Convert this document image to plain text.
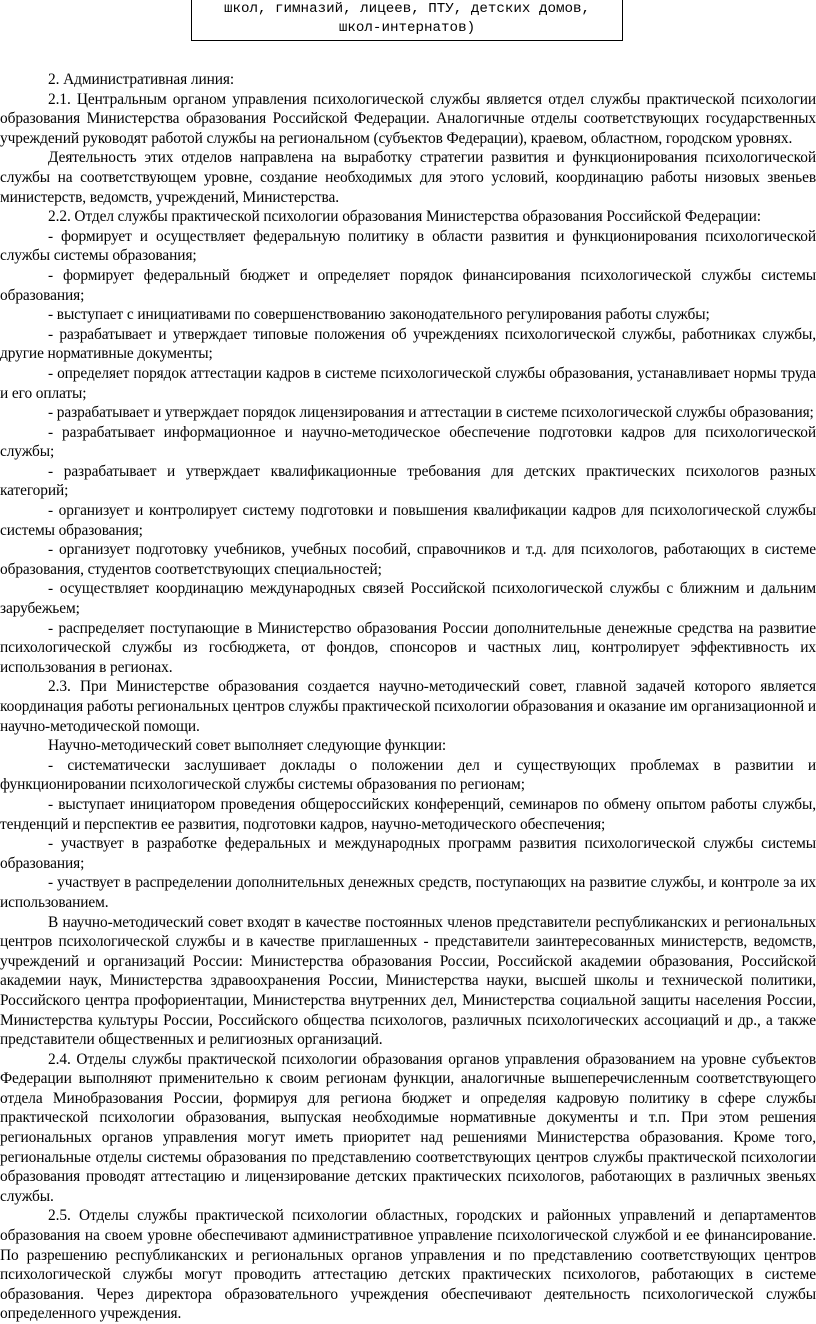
школ, гимназий, лицеев, ПТУ, детских домов,
школ-интернатов)

2. Административная линия:

2.1. Центральным органом управления психологической службы является отдел службы практической психологии образования Министерства образования Российской Федерации. Аналогичные отделы соответствующих государственных учреждений руководят работой службы на региональном (субъектов Федерации), краевом, областном, городском уровнях.

Деятельность этих отделов направлена на выработку стратегии развития и функционирования психологической службы на соответствующем уровне, создание необходимых для этого условий, координацию работы низовых звеньев министерств, ведомств, учреждений, Министерства.

2.2. Отдел службы практической психологии образования Министерства образования Российской Федерации:

- формирует и осуществляет федеральную политику в области развития и функционирования психологической службы системы образования;

- формирует федеральный бюджет и определяет порядок финансирования психологической службы системы образования;

- выступает с инициативами по совершенствованию законодательного регулирования работы службы;

- разрабатывает и утверждает типовые положения об учреждениях психологической службы, работниках службы, другие нормативные документы;

- определяет порядок аттестации кадров в системе психологической службы образования, устанавливает нормы труда и его оплаты;

- разрабатывает и утверждает порядок лицензирования и аттестации в системе психологической службы образования;

- разрабатывает информационное и научно-методическое обеспечение подготовки кадров для психологической службы;

- разрабатывает и утверждает квалификационные требования для детских практических психологов разных категорий;

- организует и контролирует систему подготовки и повышения квалификации кадров для психологической службы системы образования;

- организует подготовку учебников, учебных пособий, справочников и т.д. для психологов, работающих в системе образования, студентов соответствующих специальностей;

- осуществляет координацию международных связей Российской психологической службы с ближним и дальним зарубежьем;

- распределяет поступающие в Министерство образования России дополнительные денежные средства на развитие психологической службы из госбюджета, от фондов, спонсоров и частных лиц, контролирует эффективность их использования в регионах.

2.3. При Министерстве образования создается научно-методический совет, главной задачей которого является координация работы региональных центров службы практической психологии образования и оказание им организационной и научно-методической помощи.

Научно-методический совет выполняет следующие функции:

- систематически заслушивает доклады о положении дел и существующих проблемах в развитии и функционировании психологической службы системы образования по регионам;

- выступает инициатором проведения общероссийских конференций, семинаров по обмену опытом работы службы, тенденций и перспектив ее развития, подготовки кадров, научно-методического обеспечения;

- участвует в разработке федеральных и международных программ развития психологической службы системы образования;

- участвует в распределении дополнительных денежных средств, поступающих на развитие службы, и контроле за их использованием.

В научно-методический совет входят в качестве постоянных членов представители республиканских и региональных центров психологической службы и в качестве приглашенных - представители заинтересованных министерств, ведомств, учреждений и организаций России: Министерства образования России, Российской академии образования, Российской академии наук, Министерства здравоохранения России, Министерства науки, высшей школы и технической политики, Российского центра профориентации, Министерства внутренних дел, Министерства социальной защиты населения России, Министерства культуры России, Российского общества психологов, различных психологических ассоциаций и др., а также представители общественных и религиозных организаций.

2.4. Отделы службы практической психологии образования органов управления образованием на уровне субъектов Федерации выполняют применительно к своим регионам функции, аналогичные вышеперечисленным соответствующего отдела Минобразования России, формируя для региона бюджет и определяя кадровую политику в сфере службы практической психологии образования, выпуская необходимые нормативные документы и т.п. При этом решения региональных органов управления могут иметь приоритет над решениями Министерства образования. Кроме того, региональные отделы системы образования по представлению соответствующих центров службы практической психологии образования проводят аттестацию и лицензирование детских практических психологов, работающих в различных звеньях службы.

2.5. Отделы службы практической психологии областных, городских и районных управлений и департаментов образования на своем уровне обеспечивают административное управление психологической службой и ее финансирование. По разрешению республиканских и региональных органов управления и по представлению соответствующих центров психологической службы могут проводить аттестацию детских практических психологов, работающих в системе образования. Через директора образовательного учреждения обеспечивают деятельность психологической службы определенного учреждения.
